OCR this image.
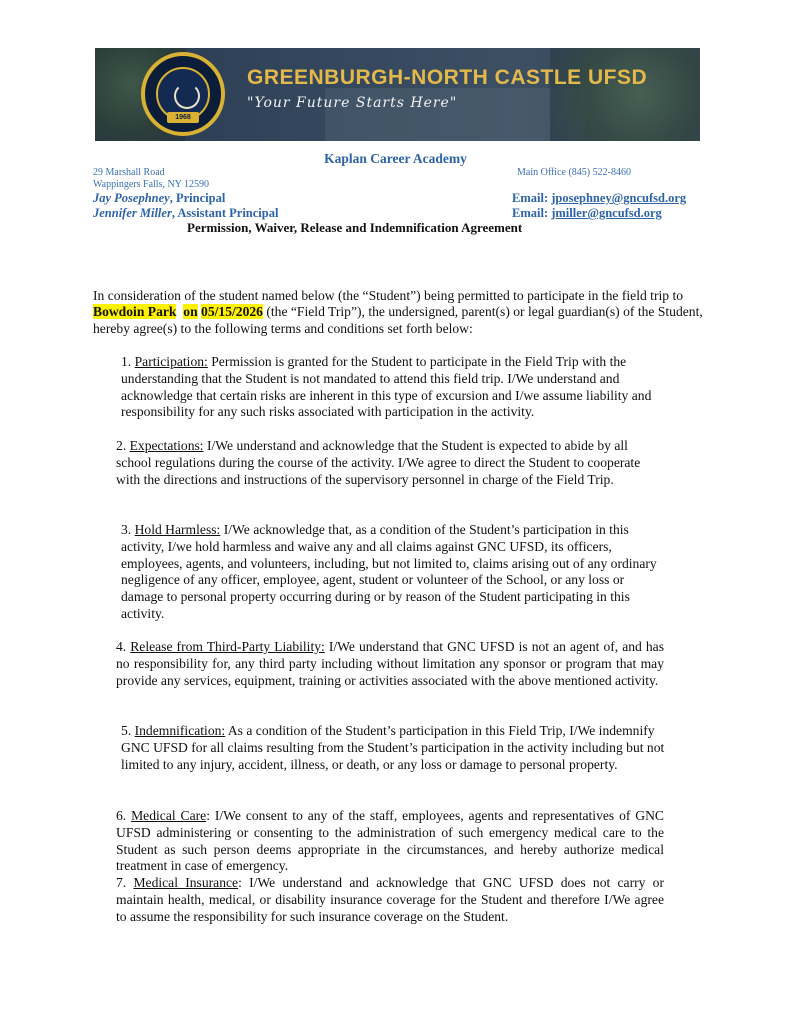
1968
GREENBURGH-NORTH CASTLE UFSD
"Your Future Starts Here"
Kaplan Career Academy
29 Marshall Road
Wappingers Falls, NY 12590
Main Office (845) 522-8460
Jay Posephney, Principal
Jennifer Miller, Assistant Principal
Email: jposephney@gncufsd.org
Email: jmiller@gncufsd.org
Permission, Waiver, Release and Indemnification Agreement
In consideration of the student named below (the “Student”) being permitted to participate in the field trip to Bowdoin Park on 05/15/2026 (the “Field Trip”), the undersigned, parent(s) or legal guardian(s) of the Student, hereby agree(s) to the following terms and conditions set forth below:
1. Participation: Permission is granted for the Student to participate in the Field Trip with the understanding that the Student is not mandated to attend this field trip. I/We understand and acknowledge that certain risks are inherent in this type of excursion and I/we assume liability and responsibility for any such risks associated with participation in the activity.
2. Expectations: I/We understand and acknowledge that the Student is expected to abide by all school regulations during the course of the activity. I/We agree to direct the Student to cooperate with the directions and instructions of the supervisory personnel in charge of the Field Trip.
3. Hold Harmless: I/We acknowledge that, as a condition of the Student’s participation in this activity, I/we hold harmless and waive any and all claims against GNC UFSD, its officers, employees, agents, and volunteers, including, but not limited to, claims arising out of any ordinary negligence of any officer, employee, agent, student or volunteer of the School, or any loss or damage to personal property occurring during or by reason of the Student participating in this activity.
4. Release from Third-Party Liability: I/We understand that GNC UFSD is not an agent of, and has no responsibility for, any third party including without limitation any sponsor or program that may provide any services, equipment, training or activities associated with the above mentioned activity.
5. Indemnification: As a condition of the Student’s participation in this Field Trip, I/We indemnify GNC UFSD for all claims resulting from the Student’s participation in the activity including but not limited to any injury, accident, illness, or death, or any loss or damage to personal property.
6. Medical Care: I/We consent to any of the staff, employees, agents and representatives of GNC UFSD administering or consenting to the administration of such emergency medical care to the Student as such person deems appropriate in the circumstances, and hereby authorize medical treatment in case of emergency.
7. Medical Insurance: I/We understand and acknowledge that GNC UFSD does not carry or maintain health, medical, or disability insurance coverage for the Student and therefore I/We agree to assume the responsibility for such insurance coverage on the Student.
